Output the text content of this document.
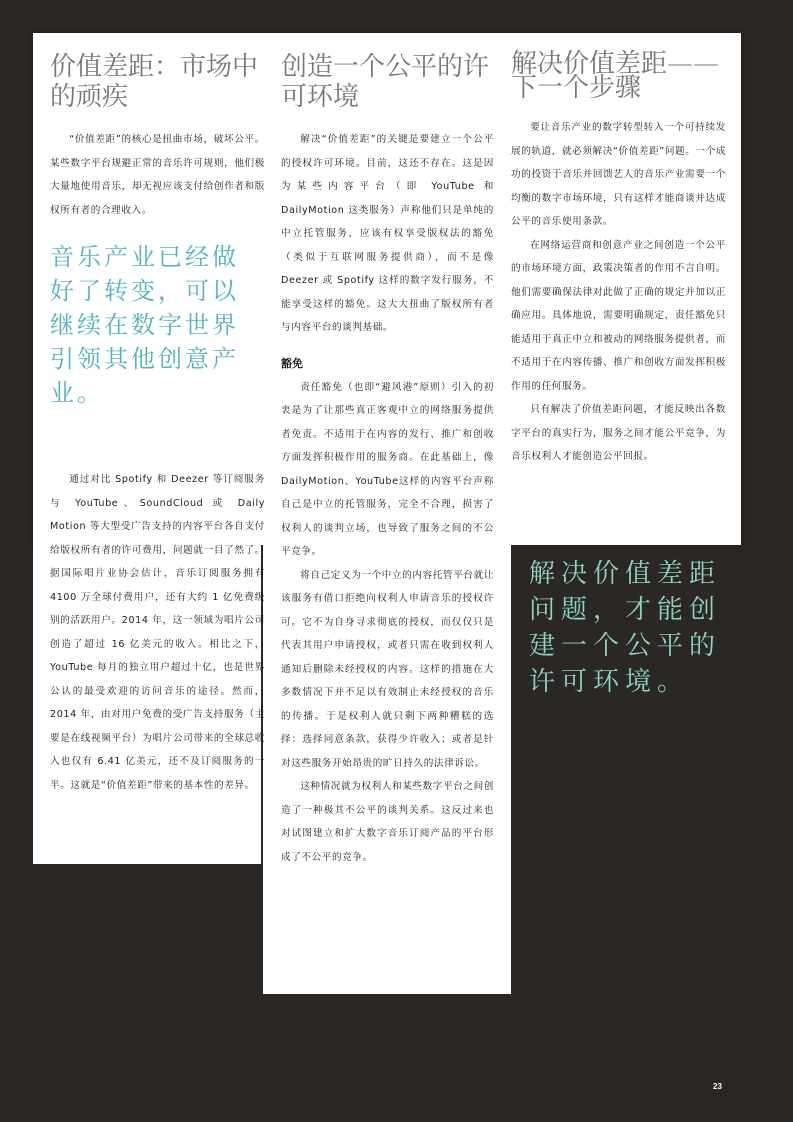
价值差距：市场中的顽疾

“价值差距”的核心是扭曲市场，破坏公平。某些数字平台规避正常的音乐许可规则，他们极大量地使用音乐，却无视应该支付给创作者和版权所有者的合理收入。

音乐产业已经做好了转变，可以继续在数字世界引领其他创意产业。

通过对比 Spotify 和 Deezer 等订阅服务与 YouTube、SoundCloud 或 Daily Motion 等大型受广告支持的内容平台各自支付给版权所有者的许可费用，问题就一目了然了。据国际唱片业协会估计，音乐订阅服务拥有 4100 万全球付费用户，还有大约 1 亿免费级别的活跃用户。2014 年，这一领域为唱片公司创造了超过 16 亿美元的收入。相比之下，YouTube 每月的独立用户超过十亿，也是世界公认的最受欢迎的访问音乐的途径。然而，2014 年，由对用户免费的受广告支持服务（主要是在线视频平台）为唱片公司带来的全球总收入也仅有 6.41 亿美元，还不及订阅服务的一半。这就是“价值差距”带来的基本性的差异。

创造一个公平的许可环境

解决“价值差距”的关键是要建立一个公平的授权许可环境。目前，这还不存在。这是因为某些内容平台（即 YouTube 和 DailyMotion 这类服务）声称他们只是单纯的中立托管服务，应该有权享受版权法的豁免（类似于互联网服务提供商），而不是像 Deezer 或 Spotify 这样的数字发行服务，不能享受这样的豁免。这大大扭曲了版权所有者与内容平台的谈判基础。

豁免

责任豁免（也即“避风港”原则）引入的初衷是为了让那些真正客观中立的网络服务提供者免责。不适用于在内容的发行、推广和创收方面发挥积极作用的服务商。在此基础上，像DailyMotion、YouTube这样的内容平台声称自己是中立的托管服务，完全不合理，损害了权利人的谈判立场，也导致了服务之间的不公平竞争。

将自己定义为一个中立的内容托管平台就让该服务有借口拒绝向权利人申请音乐的授权许可。它不为自身寻求彻底的授权，而仅仅只是代表其用户申请授权，或者只需在收到权利人通知后删除未经授权的内容。这样的措施在大多数情况下并不足以有效制止未经授权的音乐的传播。于是权利人就只剩下两种糟糕的选择：选择同意条款，获得少许收入；或者是针对这些服务开始昂贵的旷日持久的法律诉讼。

这种情况就为权利人和某些数字平台之间创造了一种极其不公平的谈判关系。这反过来也对试图建立和扩大数字音乐订阅产品的平台形成了不公平的竞争。

解决价值差距——下一个步骤

要让音乐产业的数字转型转入一个可持续发展的轨道，就必须解决“价值差距”问题。一个成功的投资于音乐并回馈艺人的音乐产业需要一个均衡的数字市场环境，只有这样才能商谈并达成公平的音乐使用条款。

在网络运营商和创意产业之间创造一个公平的市场环境方面，政策决策者的作用不言自明。他们需要确保法律对此做了正确的规定并加以正确应用。具体地说，需要明确规定，责任豁免只能适用于真正中立和被动的网络服务提供者，而不适用于在内容传播、推广和创收方面发挥积极作用的任何服务。

只有解决了价值差距问题，才能反映出各数字平台的真实行为，服务之间才能公平竞争，为音乐权利人才能创造公平回报。

解决价值差距问题，才能创建一个公平的许可环境。

23
